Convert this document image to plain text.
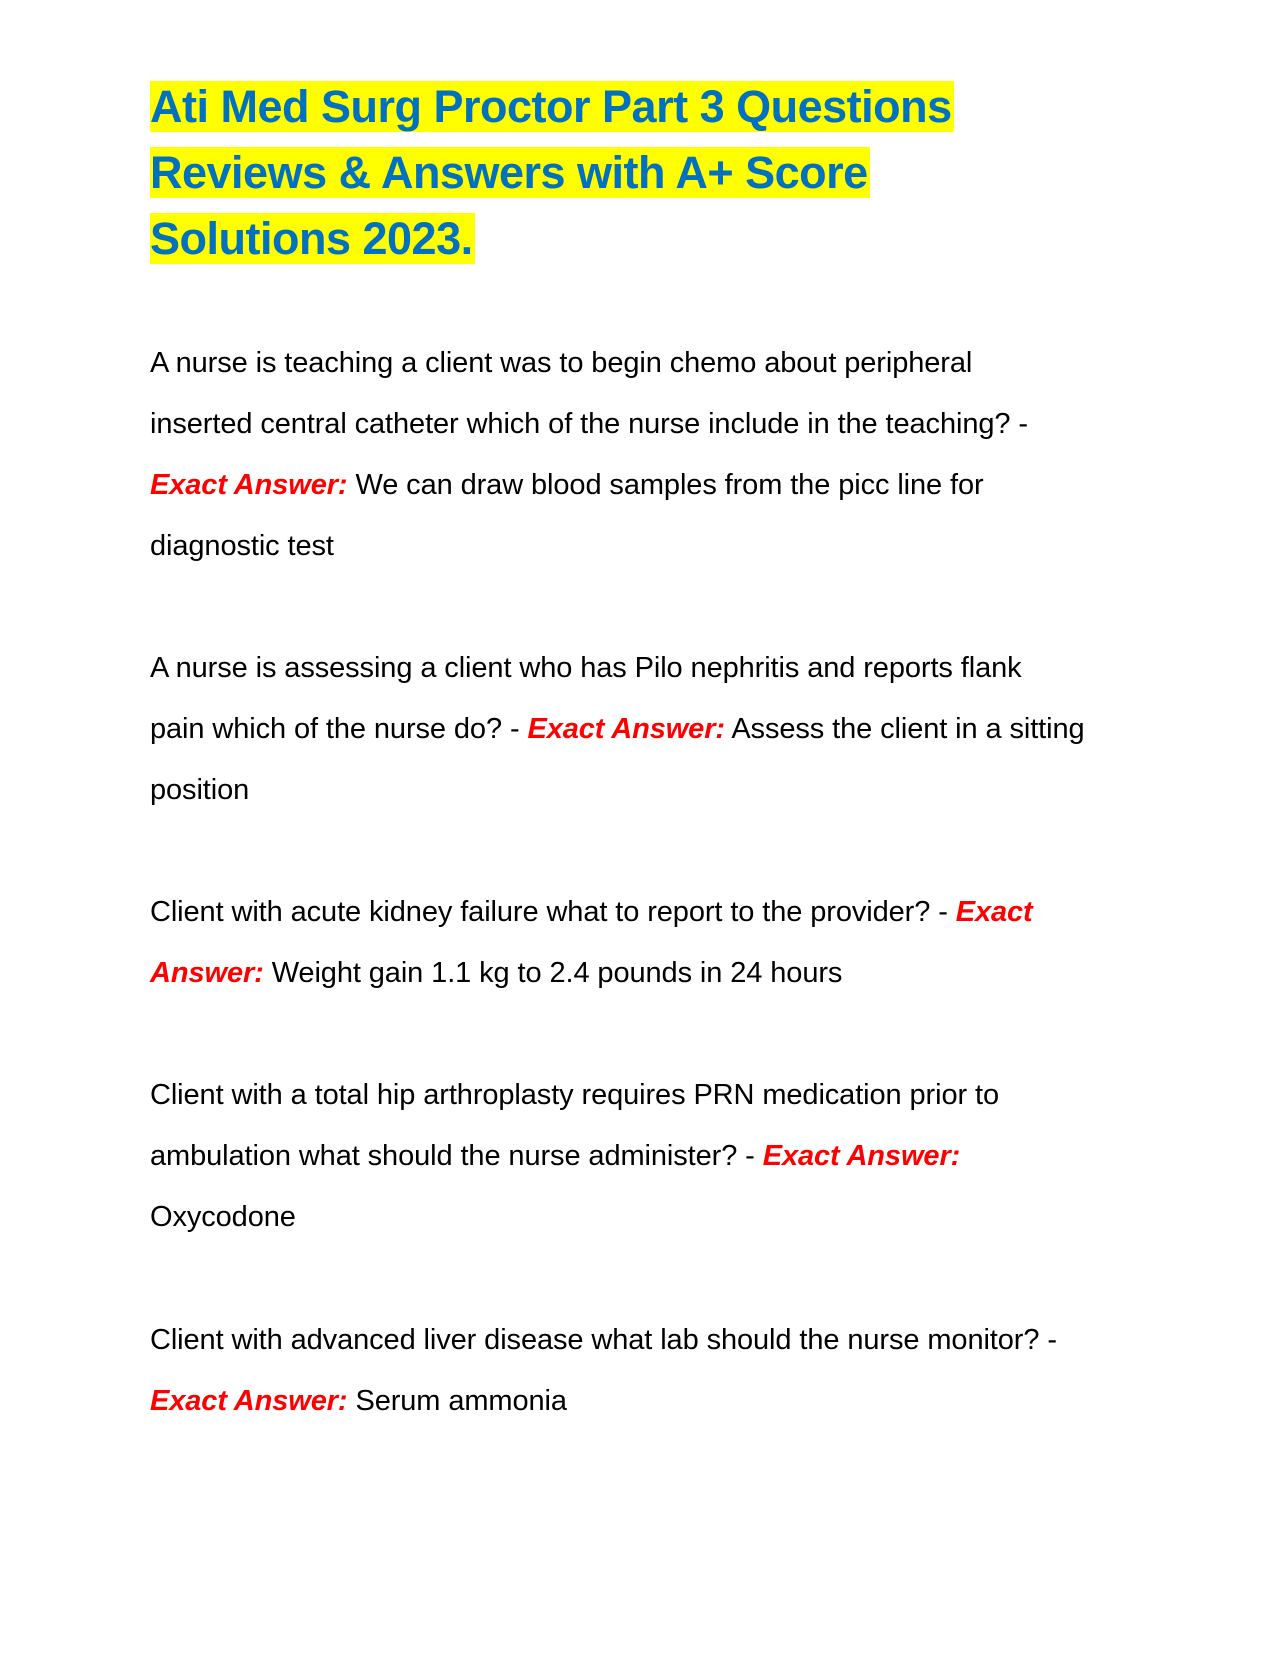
Ati Med Surg Proctor Part 3 Questions
Reviews & Answers with A+ Score
Solutions 2023.
A nurse is teaching a client was to begin chemo about peripheral
inserted central catheter which of the nurse include in the teaching? -
Exact Answer: We can draw blood samples from the picc line for
diagnostic test
A nurse is assessing a client who has Pilo nephritis and reports flank
pain which of the nurse do? - Exact Answer: Assess the client in a sitting
position
Client with acute kidney failure what to report to the provider? - Exact
Answer: Weight gain 1.1 kg to 2.4 pounds in 24 hours
Client with a total hip arthroplasty requires PRN medication prior to
ambulation what should the nurse administer? - Exact Answer:
Oxycodone
Client with advanced liver disease what lab should the nurse monitor? -
Exact Answer: Serum ammonia
